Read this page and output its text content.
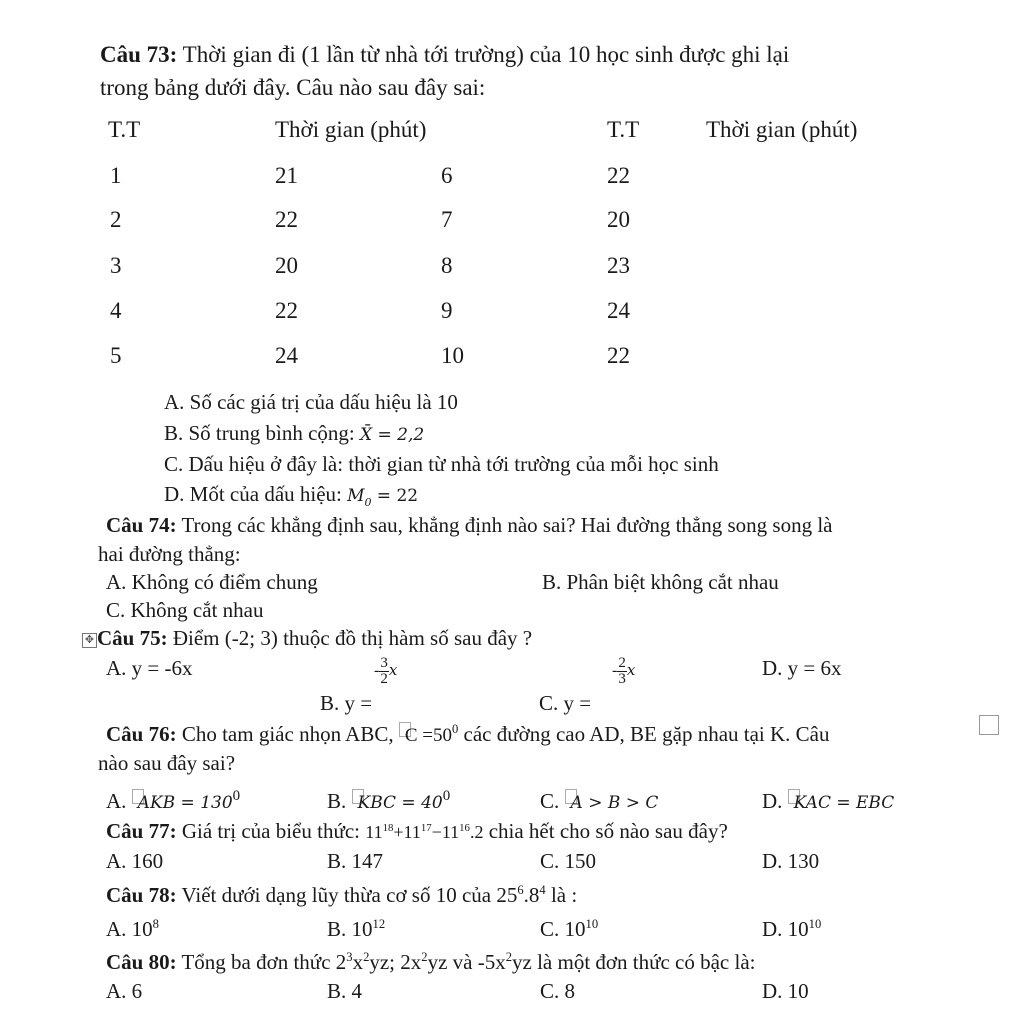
Câu 73: Thời gian đi (1 lần từ nhà tới trường) của 10 học sinh được ghi lại
trong bảng dưới đây. Câu nào sau đây sai:
T.T	Thời gian (phút)	T.T	Thời gian (phút)
1	21	6	22
2	22	7	20
3	20	8	23
4	22	9	24
5	24	10	22
A. Số các giá trị của dấu hiệu là 10
B. Số trung bình cộng: X̄ = 2,2
C. Dấu hiệu ở đây là: thời gian từ nhà tới trường của mỗi học sinh
D. Mốt của dấu hiệu: $M_0 = 22$
Câu 74: Trong các khẳng định sau, khẳng định nào sai? Hai đường thẳng song song là
hai đường thẳng:
A. Không có điểm chung	B. Phân biệt không cắt nhau
C. Không cắt nhau
✥ Câu 75: Điểm (-2; 3) thuộc đồ thị hàm số sau đây ?
A. y = -6x	D. y = 6x
B. y =
- $\frac{3}{2}$ x
C. y =
- $\frac{2}{3}$ x
Câu 76: Cho tam giác nhọn ABC, $C =50^0$ các đường cao AD, BE gặp nhau tại K. Câu
nào sau đây sai?
A. AKB = $130^0$	B. KBC = $40^0$	C. A > B > C	D. KAC = EBC
Câu 77: Giá trị của biểu thức: $11^{18}+11^{17}-11^{16}.2$ chia hết cho số nào sau đây?
A. 160	B. 147	C. 150	D. 130
Câu 78: Viết dưới dạng lũy thừa cơ số 10 của $25^6.8^4$ là :
A. $10^8$	B. $10^{12}$	C. $10^{10}$	D. $10^{10}$
Câu 80: Tổng ba đơn thức $2^3x^2yz$; $2x^2yz$ và $-5x^2yz$ là một đơn thức có bậc là:
A. 6	B. 4	C. 8	D. 10
